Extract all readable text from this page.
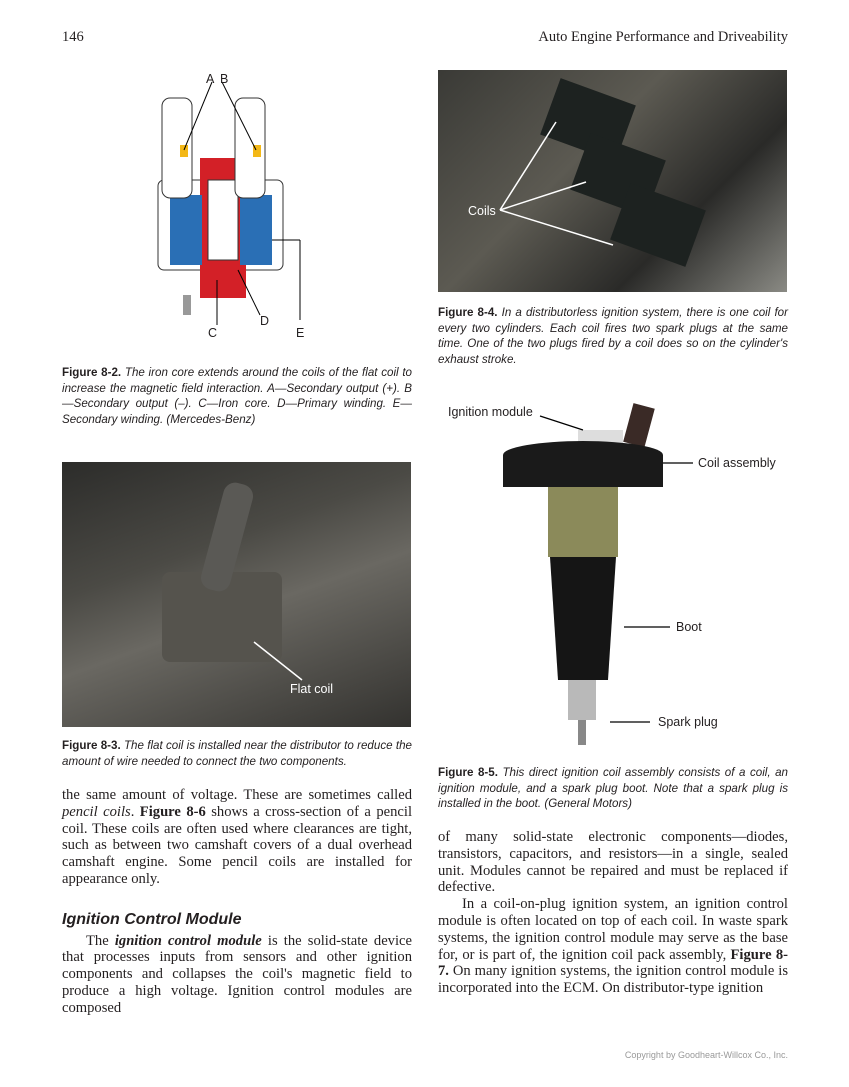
146	Auto Engine Performance and Driveability
A B
C
D
E
Figure 8-2. The iron core extends around the coils of the flat coil to increase the magnetic field interaction. A—Secondary output (+). B—Secondary output (–). C—Iron core. D—Primary winding. E—Secondary winding. (Mercedes-Benz)
Coils
Figure 8-4. In a distributorless ignition system, there is one coil for every two cylinders. Each coil fires two spark plugs at the same time. One of the two plugs fired by a coil does so on the cylinder's exhaust stroke.
Ignition module
Coil assembly
Boot
Spark plug
Figure 8-5. This direct ignition coil assembly consists of a coil, an ignition module, and a spark plug boot. Note that a spark plug is installed in the boot. (General Motors)
Flat coil
Figure 8-3. The flat coil is installed near the distributor to reduce the amount of wire needed to connect the two components.

the same amount of voltage. These are sometimes called pencil coils. Figure 8-6 shows a cross-section of a pencil coil. These coils are often used where clearances are tight, such as between two camshaft covers of a dual overhead camshaft engine. Some pencil coils are installed for appearance only.

Ignition Control Module

The ignition control module is the solid-state device that processes inputs from sensors and other ignition components and collapses the coil's magnetic field to produce a high voltage. Ignition control modules are composed

of many solid-state electronic components—diodes, transistors, capacitors, and resistors—in a single, sealed unit. Modules cannot be repaired and must be replaced if defective.

In a coil-on-plug ignition system, an ignition control module is often located on top of each coil. In waste spark systems, the ignition control module may serve as the base for, or is part of, the ignition coil pack assembly, Figure 8-7. On many ignition systems, the ignition control module is incorporated into the ECM. On distributor-type ignition

Copyright by Goodheart-Willcox Co., Inc.
